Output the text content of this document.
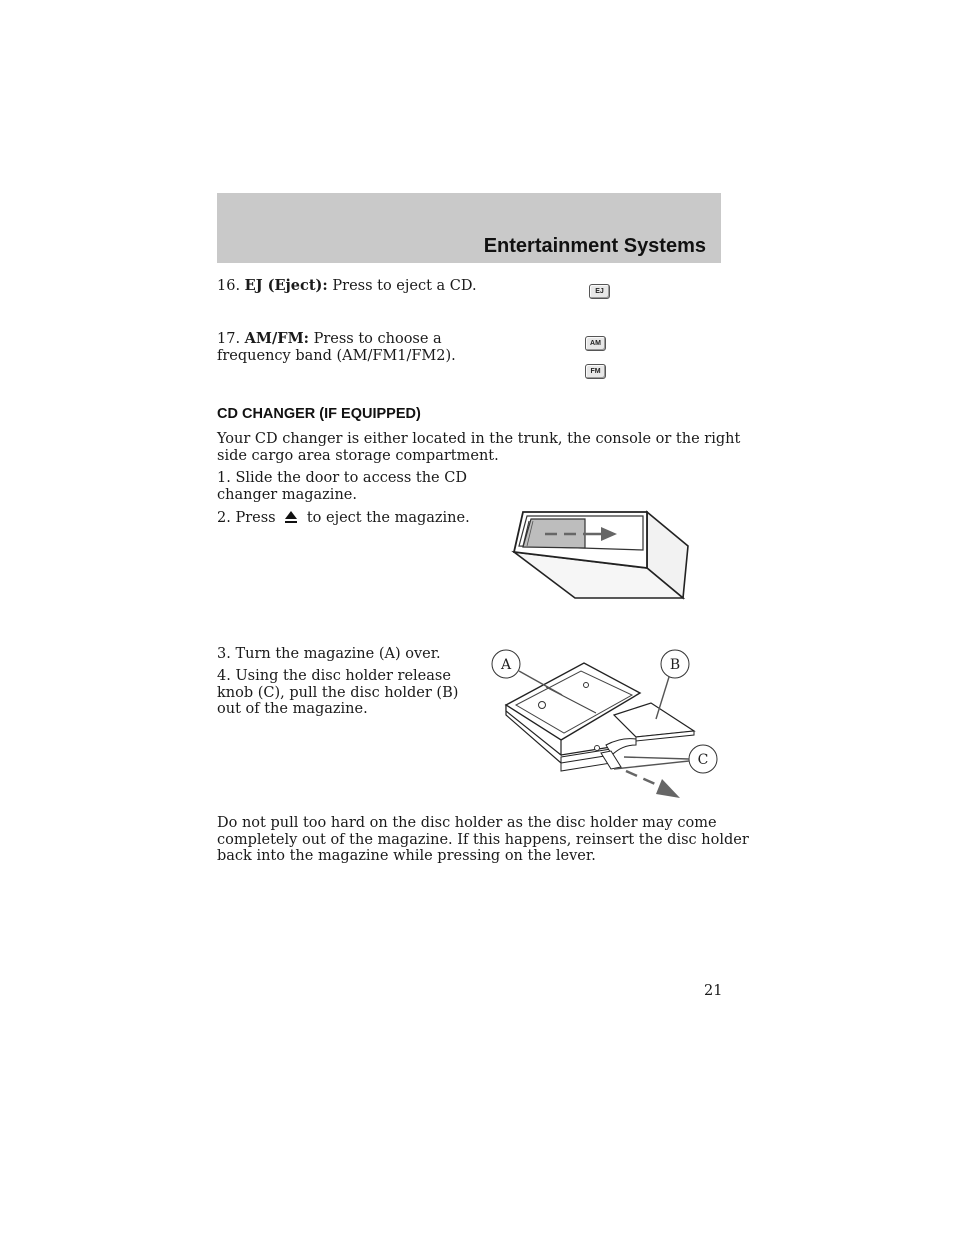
Entertainment Systems
16. EJ (Eject): Press to eject a CD.	EJ
17. AM/FM: Press to choose a
frequency band (AM/FM1/FM2).
AM
FM
CD CHANGER (IF EQUIPPED)
Your CD changer is either located in the trunk, the console or the right
side cargo area storage compartment.
1. Slide the door to access the CD
changer magazine.
2. Press to eject the magazine.
3. Turn the magazine (A) over.
4. Using the disc holder release
knob (C), pull the disc holder (B)
out of the magazine.
A	B
C
Do not pull too hard on the disc holder as the disc holder may come
completely out of the magazine. If this happens, reinsert the disc holder
back into the magazine while pressing on the lever.
21
